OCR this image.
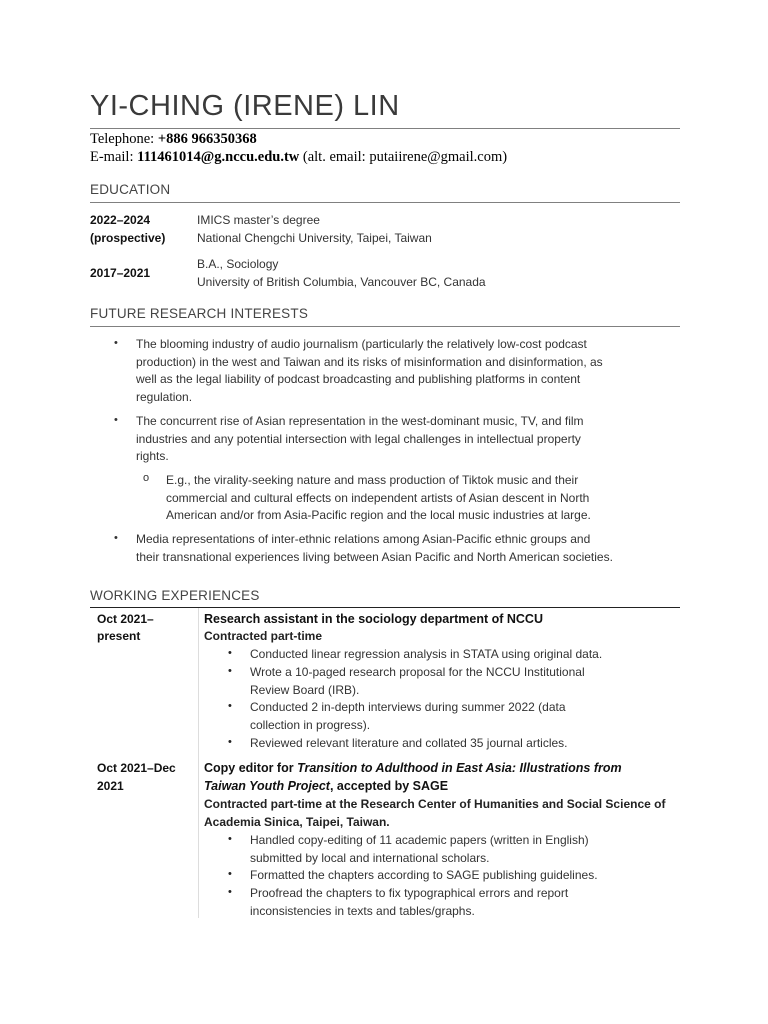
YI-CHING (IRENE) LIN
Telephone: +886 966350368
E-mail: 111461014@g.nccu.edu.tw (alt. email: putaiirene@gmail.com)
EDUCATION
2022–2024
(prospective)
IMICS master’s degree
National Chengchi University, Taipei, Taiwan
2017–2021
B.A., Sociology
University of British Columbia, Vancouver BC, Canada
FUTURE RESEARCH INTERESTS
• The blooming industry of audio journalism (particularly the relatively low-cost podcast
production) in the west and Taiwan and its risks of misinformation and disinformation, as
well as the legal liability of podcast broadcasting and publishing platforms in content
regulation.
• The concurrent rise of Asian representation in the west-dominant music, TV, and film
industries and any potential intersection with legal challenges in intellectual property
rights.
o E.g., the virality-seeking nature and mass production of Tiktok music and their
commercial and cultural effects on independent artists of Asian descent in North
American and/or from Asia-Pacific region and the local music industries at large.
• Media representations of inter-ethnic relations among Asian-Pacific ethnic groups and
their transnational experiences living between Asian Pacific and North American societies.
WORKING EXPERIENCES
Oct 2021–
present
Research assistant in the sociology department of NCCU
Contracted part-time
• Conducted linear regression analysis in STATA using original data.
• Wrote a 10-paged research proposal for the NCCU Institutional
Review Board (IRB).
• Conducted 2 in-depth interviews during summer 2022 (data
collection in progress).
• Reviewed relevant literature and collated 35 journal articles.
Oct 2021–Dec
2021
Copy editor for Transition to Adulthood in East Asia: Illustrations from
Taiwan Youth Project, accepted by SAGE
Contracted part-time at the Research Center of Humanities and Social Science of
Academia Sinica, Taipei, Taiwan.
• Handled copy-editing of 11 academic papers (written in English)
submitted by local and international scholars.
• Formatted the chapters according to SAGE publishing guidelines.
• Proofread the chapters to fix typographical errors and report
inconsistencies in texts and tables/graphs.
